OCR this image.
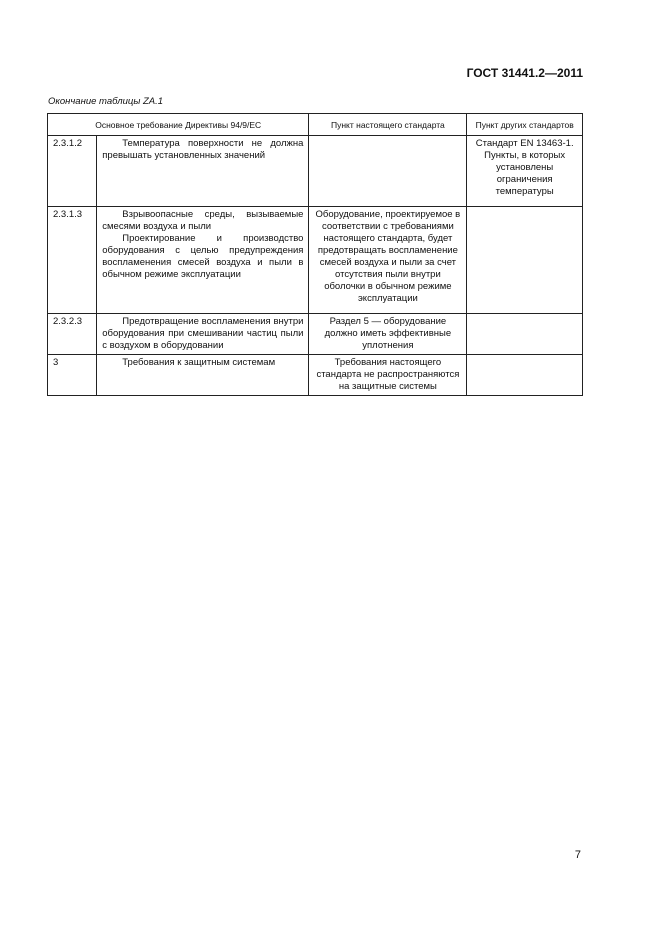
ГОСТ 31441.2—2011
Окончание таблицы ZA.1
Основное требование Директивы 94/9/EC		Пункт настоящего стандарта	Пункт других стандартов
2.3.1.2	Температура поверхности не должна превышать установленных значений		Стандарт EN 13463-1. Пункты, в которых установлены ограничения температуры

2.3.1.3	Взрывоопасные среды, вызываемые смесями воздуха и пыли
Проектирование и производство оборудования с целью предупреждения воспламенения смесей воздуха и пыли в обычном режиме эксплуатации	Оборудование, проектируемое в соответствии с требованиями настоящего стандарта, будет предотвращать воспламенение смесей воздуха и пыли за счет отсутствия пыли внутри оболочки в обычном режиме эксплуатации

2.3.2.3	Предотвращение воспламенения внутри оборудования при смешивании частиц пыли с воздухом в оборудовании	Раздел 5 — оборудование должно иметь эффективные уплотнения	
3	Требования к защитным системам	Требования настоящего стандарта не распространяются на защитные системы	
7
